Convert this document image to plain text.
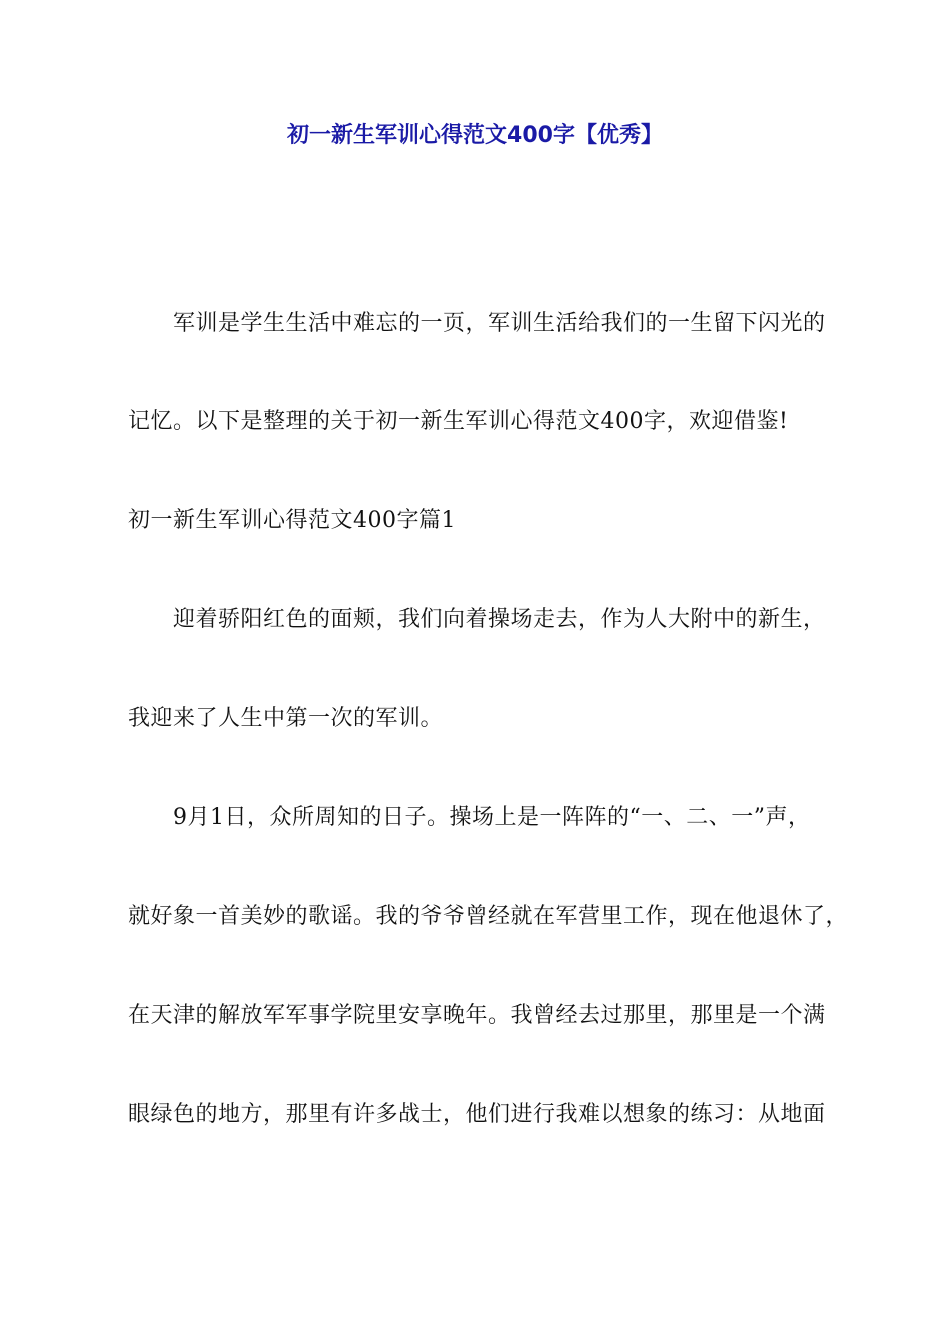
初一新生军训心得范文400字【优秀】
军训是学生生活中难忘的一页，军训生活给我们的一生留下闪光的
记忆。以下是整理的关于初一新生军训心得范文400字，欢迎借鉴!
初一新生军训心得范文400字篇1
迎着骄阳红色的面颊，我们向着操场走去，作为人大附中的新生，
我迎来了人生中第一次的军训。
9月1日，众所周知的日子。操场上是一阵阵的“一、二、一”声，
就好象一首美妙的歌谣。我的爷爷曾经就在军营里工作，现在他退休了，
在天津的解放军军事学院里安享晚年。我曾经去过那里，那里是一个满
眼绿色的地方，那里有许多战士，他们进行我难以想象的练习：从地面
